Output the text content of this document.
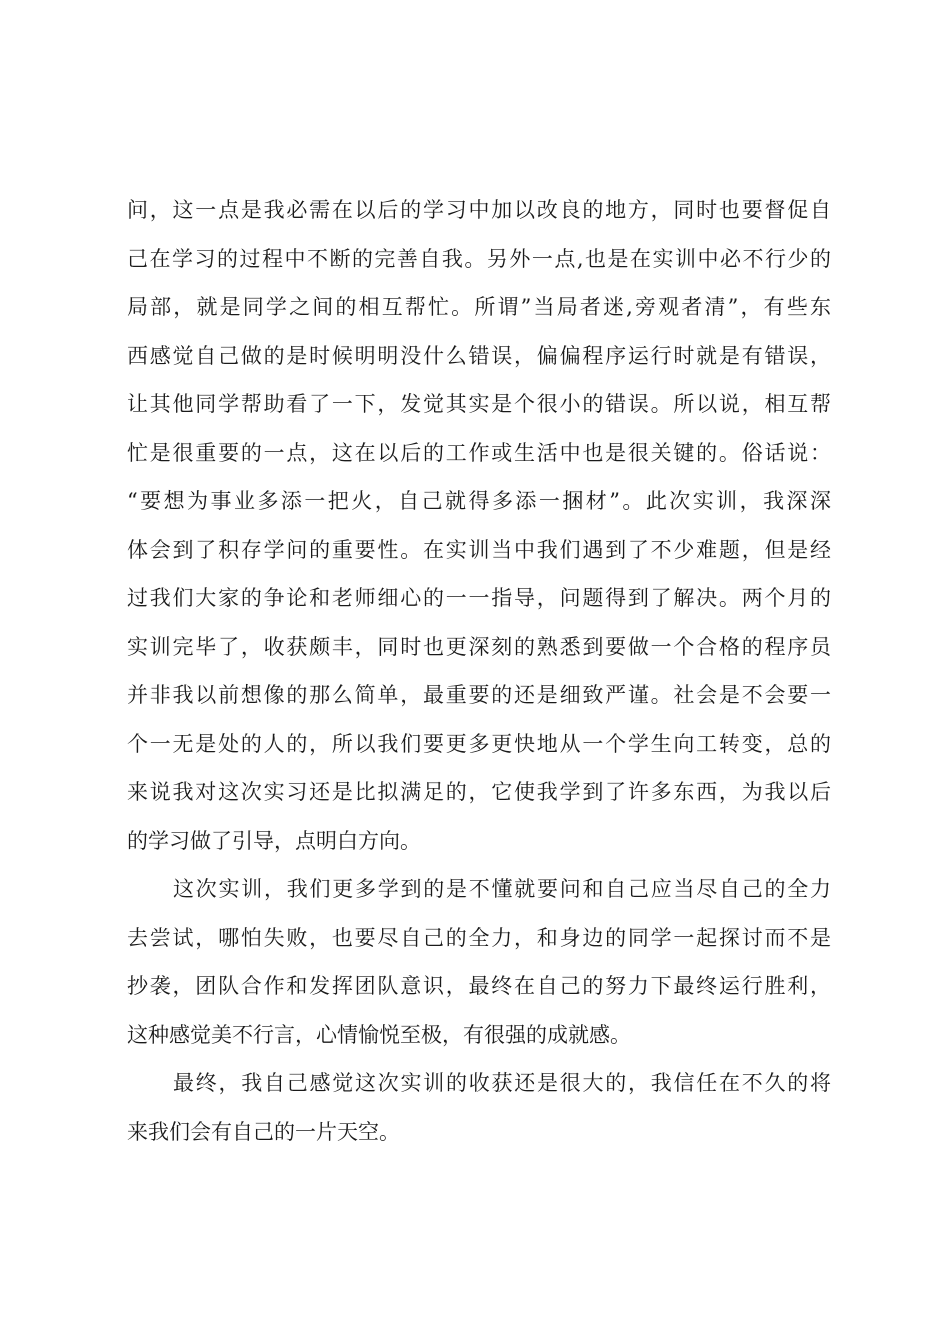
问，这一点是我必需在以后的学习中加以改良的地方，同时也要督促自
己在学习的过程中不断的完善自我。另外一点,也是在实训中必不行少的
局部，就是同学之间的相互帮忙。所谓”当局者迷,旁观者清”，有些东
西感觉自己做的是时候明明没什么错误，偏偏程序运行时就是有错误，
让其他同学帮助看了一下，发觉其实是个很小的错误。所以说，相互帮
忙是很重要的一点，这在以后的工作或生活中也是很关键的。俗话说：
“要想为事业多添一把火，自己就得多添一捆材”。此次实训，我深深
体会到了积存学问的重要性。在实训当中我们遇到了不少难题，但是经
过我们大家的争论和老师细心的一一指导，问题得到了解决。两个月的
实训完毕了，收获颇丰，同时也更深刻的熟悉到要做一个合格的程序员
并非我以前想像的那么简单，最重要的还是细致严谨。社会是不会要一
个一无是处的人的，所以我们要更多更快地从一个学生向工转变，总的
来说我对这次实习还是比拟满足的，它使我学到了许多东西，为我以后
的学习做了引导，点明白方向。
这次实训，我们更多学到的是不懂就要问和自己应当尽自己的全力
去尝试，哪怕失败，也要尽自己的全力，和身边的同学一起探讨而不是
抄袭，团队合作和发挥团队意识，最终在自己的努力下最终运行胜利，
这种感觉美不行言，心情愉悦至极，有很强的成就感。
最终，我自己感觉这次实训的收获还是很大的，我信任在不久的将
来我们会有自己的一片天空。
